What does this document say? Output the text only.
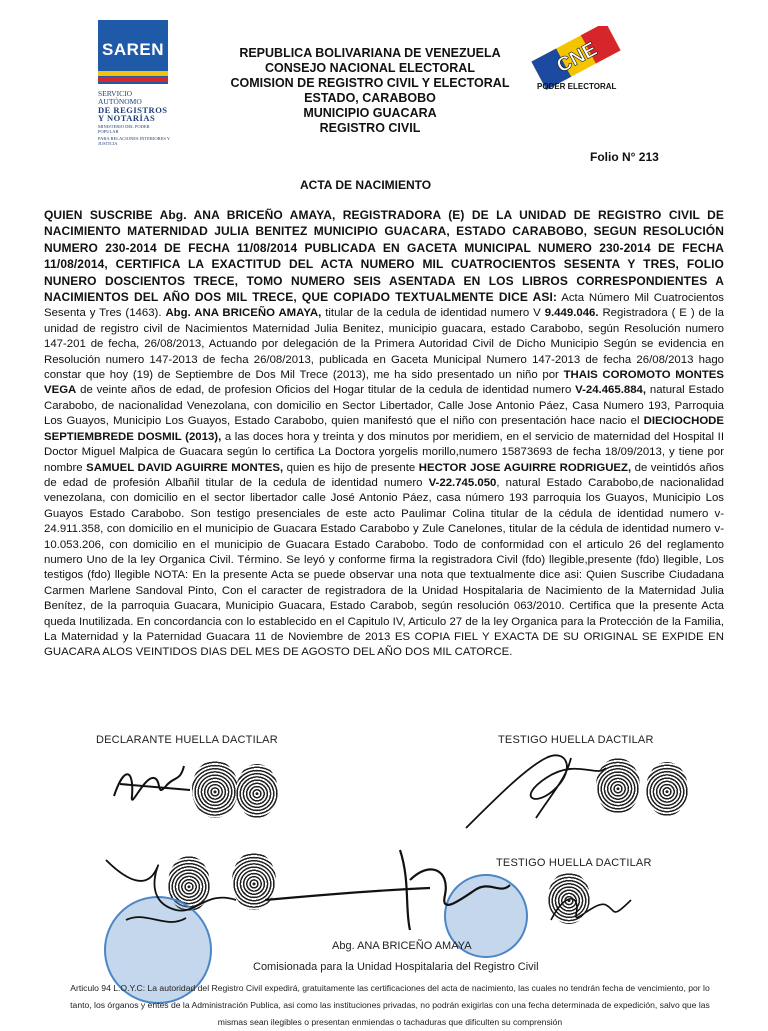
SAREN
SERVICIO AUTÓNOMO
DE REGISTROS
Y NOTARÍAS
MINISTERIO DEL PODER POPULAR
PARA RELACIONES INTERIORES Y JUSTICIA
REPUBLICA BOLIVARIANA DE VENEZUELA
CONSEJO NACIONAL ELECTORAL
COMISION DE REGISTRO CIVIL Y ELECTORAL
ESTADO, CARABOBO
MUNICIPIO GUACARA
REGISTRO CIVIL
CNE
PODER ELECTORAL
Folio N° 213
ACTA DE NACIMIENTO
QUIEN SUSCRIBE Abg. ANA BRICEÑO AMAYA, REGISTRADORA (E) DE LA UNIDAD DE REGISTRO CIVIL DE NACIMIENTO MATERNIDAD JULIA BENITEZ MUNICIPIO GUACARA, ESTADO CARABOBO, SEGUN RESOLUCIÓN NUMERO 230-2014 DE FECHA 11/08/2014 PUBLICADA EN GACETA MUNICIPAL NUMERO 230-2014 DE FECHA 11/08/2014, CERTIFICA LA EXACTITUD DEL ACTA NUMERO MIL CUATROCIENTOS SESENTA Y TRES, FOLIO NUNERO DOSCIENTOS TRECE, TOMO NUMERO SEIS ASENTADA EN LOS LIBROS CORRESPONDIENTES A NACIMIENTOS DEL AÑO DOS MIL TRECE, QUE COPIADO TEXTUALMENTE DICE ASI: Acta Número Mil Cuatrocientos Sesenta y Tres (1463). Abg. ANA BRICEÑO AMAYA, titular de la cedula de identidad numero V 9.449.046. Registradora ( E ) de la unidad de registro civil de Nacimientos Maternidad Julia Benitez, municipio guacara, estado Carabobo, según Resolución numero 147-201 de fecha, 26/08/2013, Actuando por delegación de la Primera Autoridad Civil de Dicho Municipio Según se evidencia en Resolución numero 147-2013 de fecha 26/08/2013, publicada en Gaceta Municipal Numero 147-2013 de fecha 26/08/2013 hago constar que hoy (19) de Septiembre de Dos Mil Trece (2013), me ha sido presentado un niño por THAIS COROMOTO MONTES VEGA de veinte años de edad, de profesion Oficios del Hogar titular de la cedula de identidad numero V-24.465.884, natural Estado Carabobo, de nacionalidad Venezolana, con domicilio en Sector Libertador, Calle Jose Antonio Páez, Casa Numero 193, Parroquia Los Guayos, Municipio Los Guayos, Estado Carabobo, quien manifestó que el niño con presentación hace nacio el DIECIOCHODE SEPTIEMBREDE DOSMIL (2013), a las doces hora y treinta y dos minutos por meridiem, en el servicio de maternidad del Hospital II Doctor Miguel Malpica de Guacara según lo certifica La Doctora yorgelis morillo,numero 15873693 de fecha 18/09/2013, y tiene por nombre SAMUEL DAVID AGUIRRE MONTES, quien es hijo de presente HECTOR JOSE AGUIRRE RODRIGUEZ, de veintidós años de edad de profesión Albañil titular de la cedula de identidad numero V-22.745.050, natural Estado Carabobo,de nacionalidad venezolana, con domicilio en el sector libertador calle José Antonio Páez, casa número 193 parroquia los Guayos, Municipio Los Guayos Estado Carabobo. Son testigo presenciales de este acto Paulimar Colina titular de la cédula de identidad numero v- 24.911.358, con domicilio en el municipio de Guacara Estado Carabobo y Zule Canelones, titular de la cédula de identidad numero v- 10.053.206, con domicilio en el municipio de Guacara Estado Carabobo. Todo de conformidad con el articulo 26 del reglamento numero Uno de la ley Organica Civil. Término. Se leyó y conforme firma la registradora Civil (fdo) llegible,presente (fdo) llegible, Los testigos (fdo) llegible NOTA: En la presente Acta se puede observar una nota que textualmente dice asi: Quien Suscribe Ciudadana Carmen Marlene Sandoval Pinto, Con el caracter de registradora de la Unidad Hospitalaria de Nacimiento de la Maternidad Julia Benítez, de la parroquia Guacara, Municipio Guacara, Estado Carabob, según resolución 063/2010. Certifica que la presente Acta queda Inutilizada. En concordancia con lo establecido en el Capitulo IV, Articulo 27 de la ley Organica para la Protección de la Familia, La Maternidad y la Paternidad Guacara 11 de Noviembre de 2013 ES COPIA FIEL Y EXACTA DE SU ORIGINAL SE EXPIDE EN GUACARA ALOS VEINTIDOS DIAS DEL MES DE AGOSTO DEL AÑO DOS MIL CATORCE.
DECLARANTE HUELLA DACTILAR	TESTIGO HUELLA DACTILAR
TESTIGO HUELLA DACTILAR
Abg. ANA BRICEÑO AMAYA
Comisionada para la Unidad Hospitalaria del Registro Civil
Articulo 94 L.O.Y.C: La autoridad del Registro Civil expedirá, gratuitamente las certificaciones del acta de nacimiento, las cuales no tendrán fecha de vencimiento, por lo tanto, los órganos y entes de la Administración Publica, asi como las instituciones privadas, no podrán exigirlas con una fecha determinada de expedición, salvo que las mismas sean ilegibles o presentan enmiendas o tachaduras que dificulten su comprensión
